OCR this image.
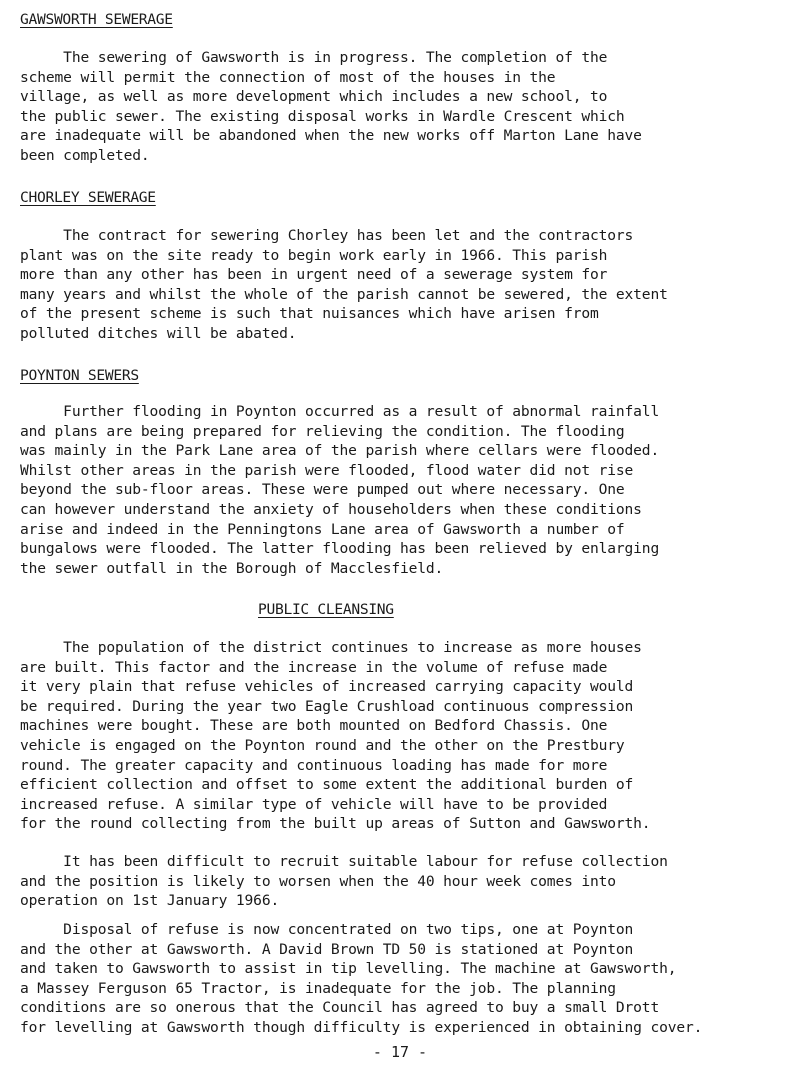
GAWSWORTH SEWERAGE
The sewering of Gawsworth is in progress. The completion of the
scheme will permit the connection of most of the houses in the
village, as well as more development which includes a new school, to
the public sewer. The existing disposal works in Wardle Crescent which
are inadequate will be abandoned when the new works off Marton Lane have
been completed.
CHORLEY SEWERAGE
The contract for sewering Chorley has been let and the contractors
plant was on the site ready to begin work early in 1966. This parish
more than any other has been in urgent need of a sewerage system for
many years and whilst the whole of the parish cannot be sewered, the extent
of the present scheme is such that nuisances which have arisen from
polluted ditches will be abated.
POYNTON SEWERS
Further flooding in Poynton occurred as a result of abnormal rainfall
and plans are being prepared for relieving the condition. The flooding
was mainly in the Park Lane area of the parish where cellars were flooded.
Whilst other areas in the parish were flooded, flood water did not rise
beyond the sub-floor areas. These were pumped out where necessary. One
can however understand the anxiety of householders when these conditions
arise and indeed in the Penningtons Lane area of Gawsworth a number of
bungalows were flooded. The latter flooding has been relieved by enlarging
the sewer outfall in the Borough of Macclesfield.
PUBLIC CLEANSING
The population of the district continues to increase as more houses
are built. This factor and the increase in the volume of refuse made
it very plain that refuse vehicles of increased carrying capacity would
be required. During the year two Eagle Crushload continuous compression
machines were bought. These are both mounted on Bedford Chassis. One
vehicle is engaged on the Poynton round and the other on the Prestbury
round. The greater capacity and continuous loading has made for more
efficient collection and offset to some extent the additional burden of
increased refuse. A similar type of vehicle will have to be provided
for the round collecting from the built up areas of Sutton and Gawsworth.
It has been difficult to recruit suitable labour for refuse collection
and the position is likely to worsen when the 40 hour week comes into
operation on 1st January 1966.
Disposal of refuse is now concentrated on two tips, one at Poynton
and the other at Gawsworth. A David Brown TD 50 is stationed at Poynton
and taken to Gawsworth to assist in tip levelling. The machine at Gawsworth,
a Massey Ferguson 65 Tractor, is inadequate for the job. The planning
conditions are so onerous that the Council has agreed to buy a small Drott
for levelling at Gawsworth though difficulty is experienced in obtaining cover.
- 17 -
